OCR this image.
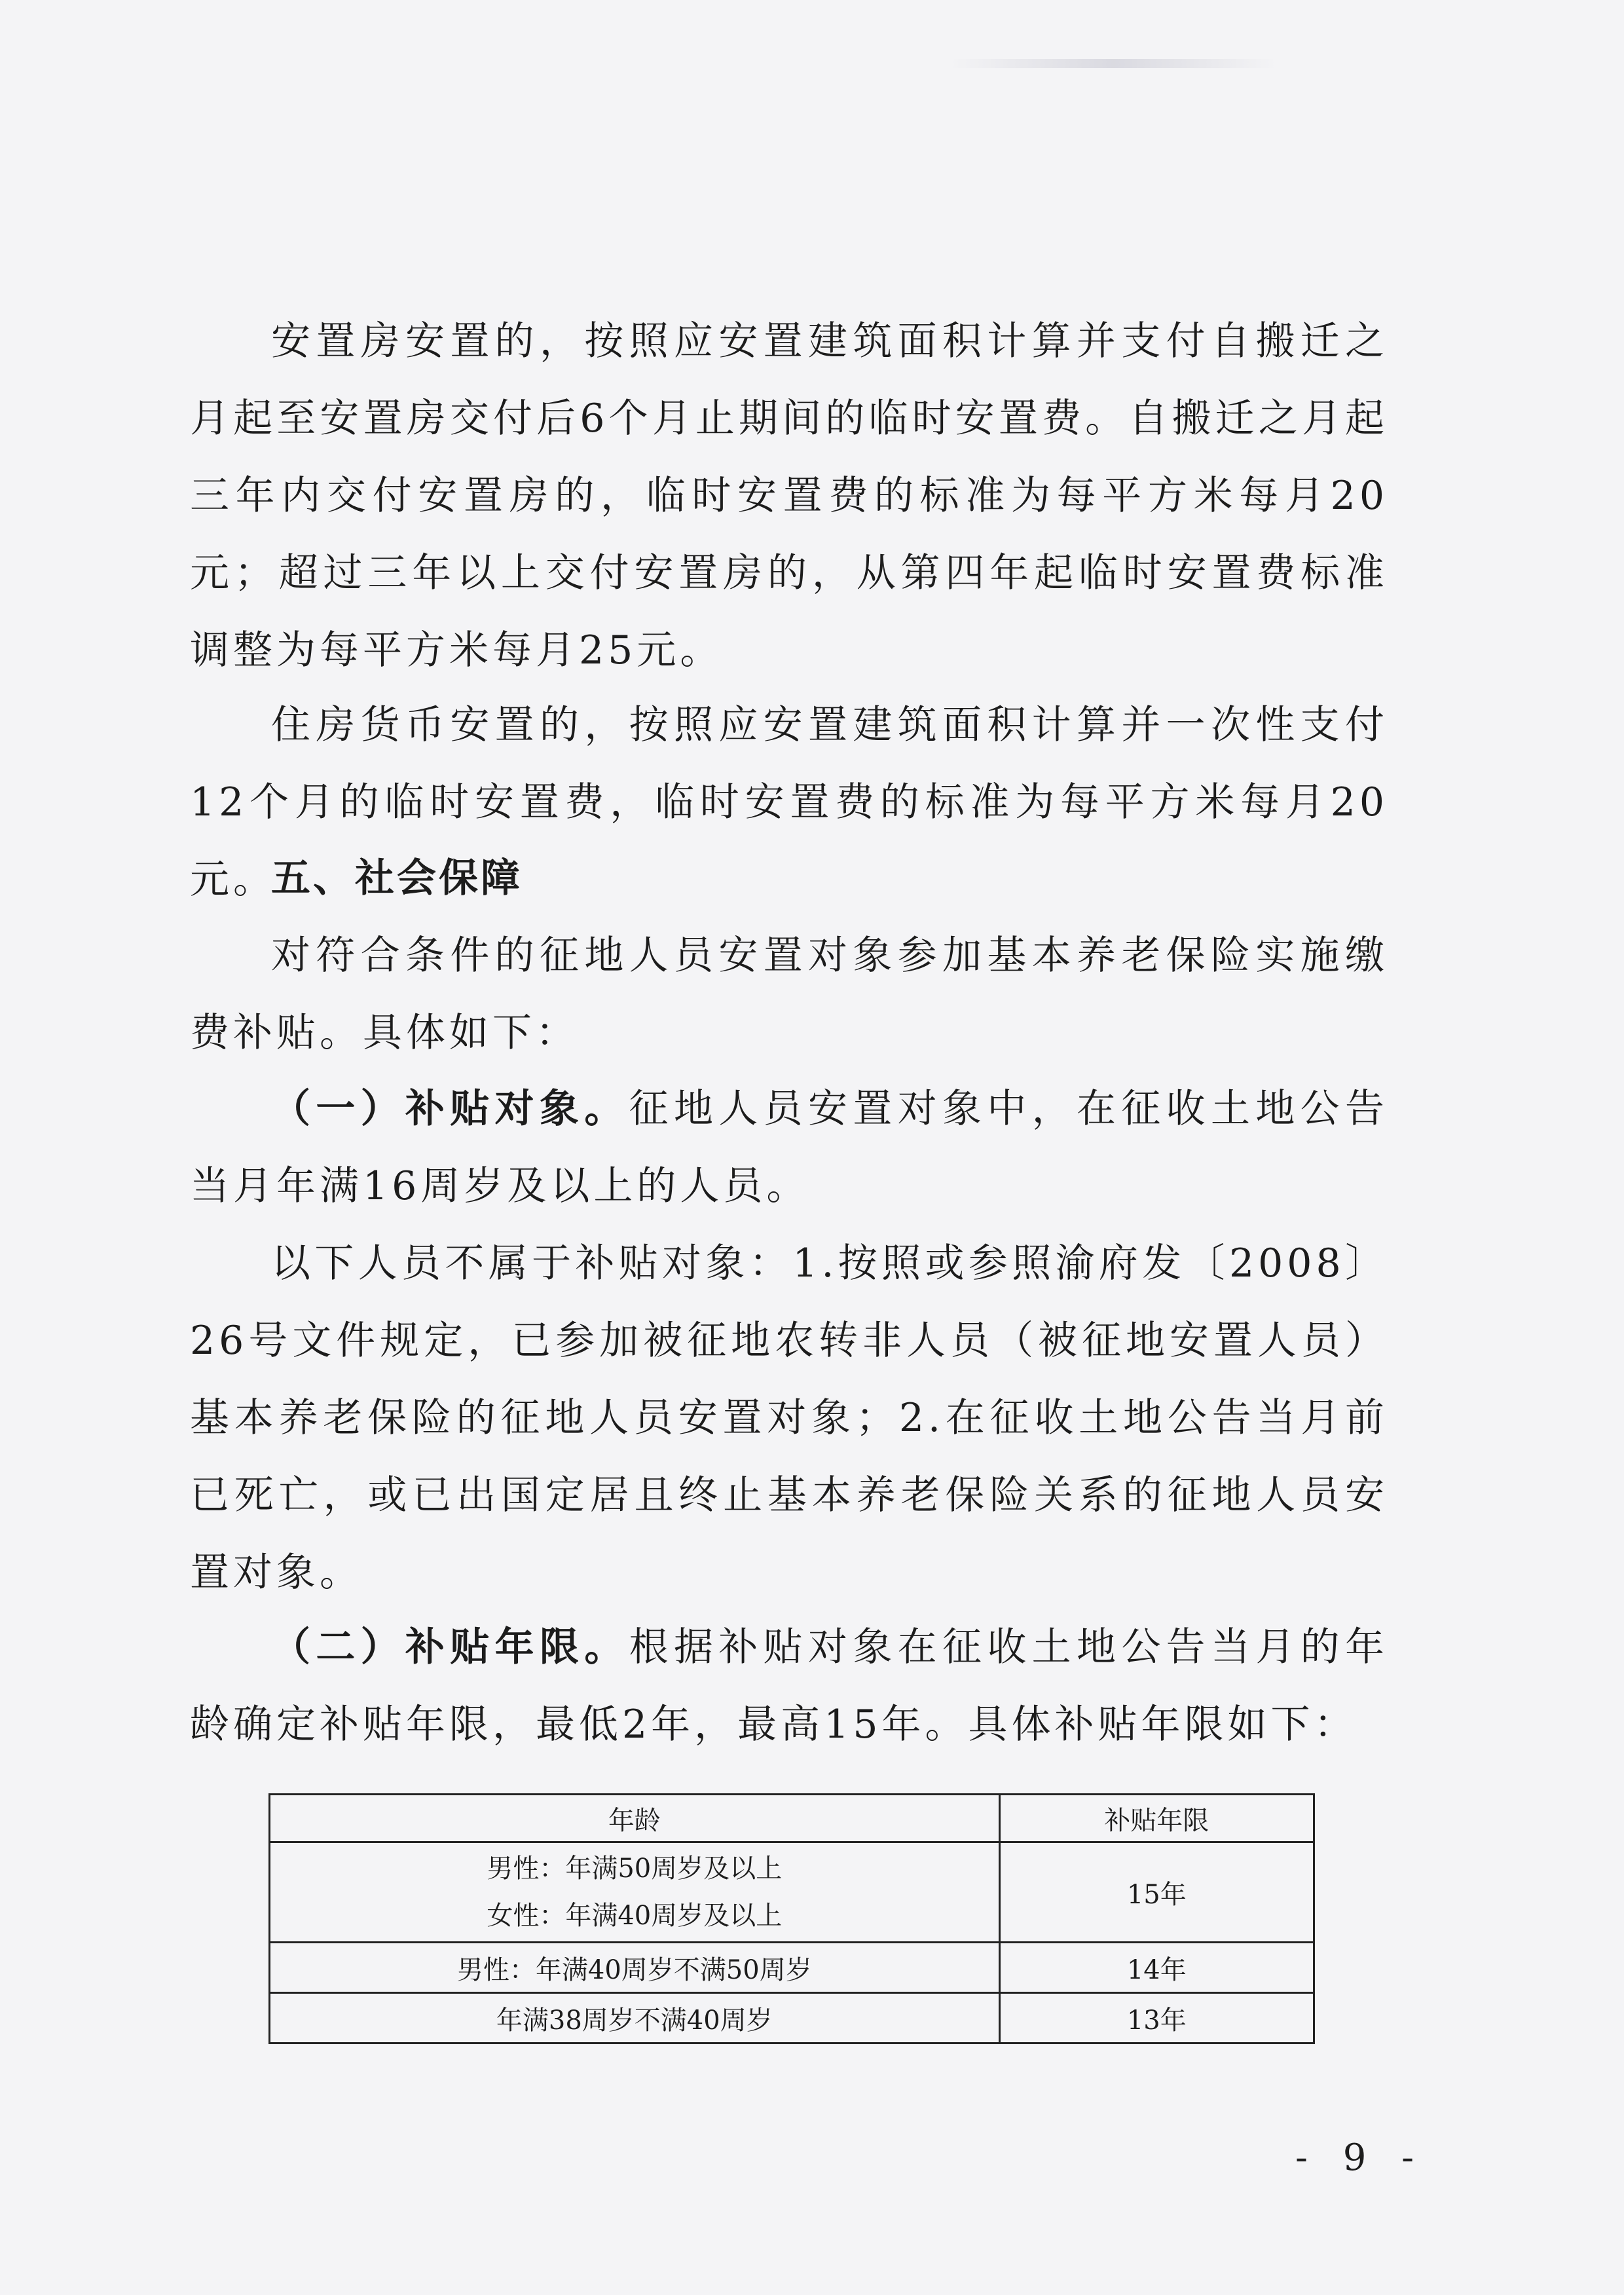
安置房安置的，按照应安置建筑面积计算并支付自搬迁之月起至安置房交付后6个月止期间的临时安置费。自搬迁之月起三年内交付安置房的，临时安置费的标准为每平方米每月20元；超过三年以上交付安置房的，从第四年起临时安置费标准调整为每平方米每月25元。

住房货币安置的，按照应安置建筑面积计算并一次性支付12个月的临时安置费，临时安置费的标准为每平方米每月20元。

五、社会保障

对符合条件的征地人员安置对象参加基本养老保险实施缴费补贴。具体如下：

（一）补贴对象。征地人员安置对象中，在征收土地公告当月年满16周岁及以上的人员。

以下人员不属于补贴对象：1.按照或参照渝府发〔2008〕26号文件规定，已参加被征地农转非人员（被征地安置人员）基本养老保险的征地人员安置对象；2.在征收土地公告当月前已死亡，或已出国定居且终止基本养老保险关系的征地人员安置对象。

（二）补贴年限。根据补贴对象在征收土地公告当月的年龄确定补贴年限，最低2年，最高15年。具体补贴年限如下：

年龄	补贴年限

男性：年满50周岁及以上
女性：年满40周岁及以上	15年
男性：年满40周岁不满50周岁	14年
年满38周岁不满40周岁	13年
- 9 -
